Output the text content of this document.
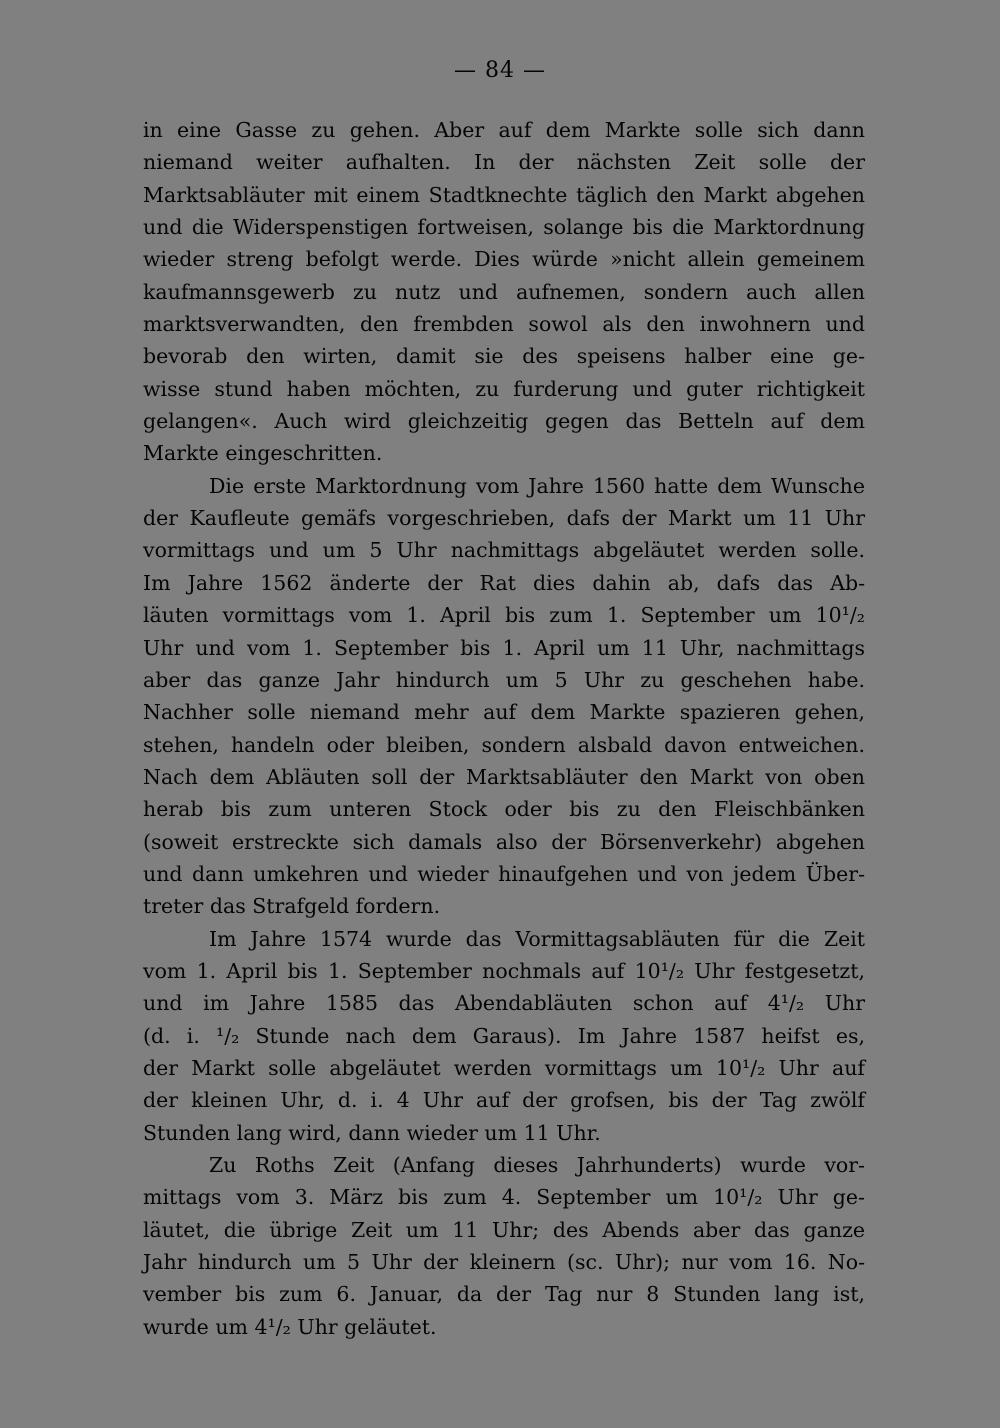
— 84 —
in eine Gasse zu gehen. Aber auf dem Markte solle sich dann
niemand weiter aufhalten. In der nächsten Zeit solle der
Marktsabläuter mit einem Stadtknechte täglich den Markt abgehen
und die Widerspenstigen fortweisen, solange bis die Marktordnung
wieder streng befolgt werde. Dies würde »nicht allein gemeinem
kaufmannsgewerb zu nutz und aufnemen, sondern auch allen
marktsverwandten, den frembden sowol als den inwohnern und
bevorab den wirten, damit sie des speisens halber eine ge-
wisse stund haben möchten, zu furderung und guter richtigkeit
gelangen«. Auch wird gleichzeitig gegen das Betteln auf dem
Markte eingeschritten.
Die erste Marktordnung vom Jahre 1560 hatte dem Wunsche
der Kaufleute gemäfs vorgeschrieben, dafs der Markt um 11 Uhr
vormittags und um 5 Uhr nachmittags abgeläutet werden solle.
Im Jahre 1562 änderte der Rat dies dahin ab, dafs das Ab-
läuten vormittags vom 1. April bis zum 1. September um 10¹/₂
Uhr und vom 1. September bis 1. April um 11 Uhr, nachmittags
aber das ganze Jahr hindurch um 5 Uhr zu geschehen habe.
Nachher solle niemand mehr auf dem Markte spazieren gehen,
stehen, handeln oder bleiben, sondern alsbald davon entweichen.
Nach dem Abläuten soll der Marktsabläuter den Markt von oben
herab bis zum unteren Stock oder bis zu den Fleischbänken
(soweit erstreckte sich damals also der Börsenverkehr) abgehen
und dann umkehren und wieder hinaufgehen und von jedem Über-
treter das Strafgeld fordern.
Im Jahre 1574 wurde das Vormittagsabläuten für die Zeit
vom 1. April bis 1. September nochmals auf 10¹/₂ Uhr festgesetzt,
und im Jahre 1585 das Abendabläuten schon auf 4¹/₂ Uhr
(d. i. ¹/₂ Stunde nach dem Garaus). Im Jahre 1587 heifst es,
der Markt solle abgeläutet werden vormittags um 10¹/₂ Uhr auf
der kleinen Uhr, d. i. 4 Uhr auf der grofsen, bis der Tag zwölf
Stunden lang wird, dann wieder um 11 Uhr.
Zu Roths Zeit (Anfang dieses Jahrhunderts) wurde vor-
mittags vom 3. März bis zum 4. September um 10¹/₂ Uhr ge-
läutet, die übrige Zeit um 11 Uhr; des Abends aber das ganze
Jahr hindurch um 5 Uhr der kleinern (sc. Uhr); nur vom 16. No-
vember bis zum 6. Januar, da der Tag nur 8 Stunden lang ist,
wurde um 4¹/₂ Uhr geläutet.
